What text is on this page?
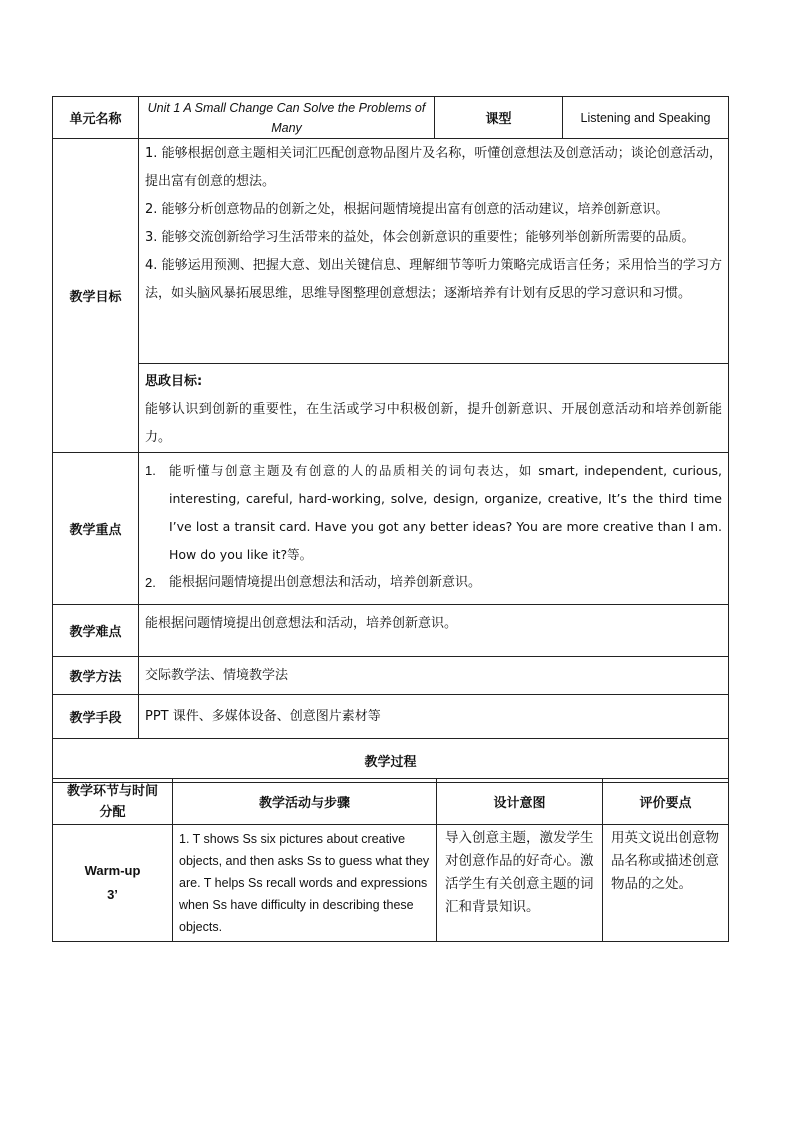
单元名称	Unit 1 A Small Change Can Solve the Problems of Many	课型	Listening and Speaking
教学目标	1. 能够根据创意主题相关词汇匹配创意物品图片及名称，听懂创意想法及创意活动；谈论创意活动，提出富有创意的想法。

2. 能够分析创意物品的创新之处，根据问题情境提出富有创意的活动建议，培养创新意识。

3. 能够交流创新给学习生活带来的益处，体会创新意识的重要性；能够列举创新所需要的品质。

4. 能够运用预测、把握大意、划出关键信息、理解细节等听力策略完成语言任务；采用恰当的学习方法，如头脑风暴拓展思维，思维导图整理创意想法；逐渐培养有计划有反思的学习意识和习惯。		

	思政目标:

能够认识到创新的重要性，在生活或学习中积极创新，提升创新意识、开展创意活动和培养创新能力。		

教学重点	1. 能听懂与创意主题及有创意的人的品质相关的词句表达，如 smart, independent, curious, interesting, careful, hard-working, solve, design, organize, creative, It’s the third time I’ve lost a transit card. Have you got any better ideas? You are more creative than I am. How do you like it?等。
2. 能根据问题情境提出创意想法和活动，培养创新意识。		

教学难点	能根据问题情境提出创意想法和活动，培养创新意识。		

教学方法	交际教学法、情境教学法		

教学手段	PPT 课件、多媒体设备、创意图片素材等		

教学过程			
教学环节与时间分配	教学活动与步骤	设计意图	评价要点

Warm-up
3’	1. T shows Ss six pictures about creative objects, and then asks Ss to guess what they are. T helps Ss recall words and expressions when Ss have difficulty in describing these objects.	导入创意主题，激发学生对创意作品的好奇心。激活学生有关创意主题的词汇和背景知识。	用英文说出创意物品名称或描述创意物品的之处。
